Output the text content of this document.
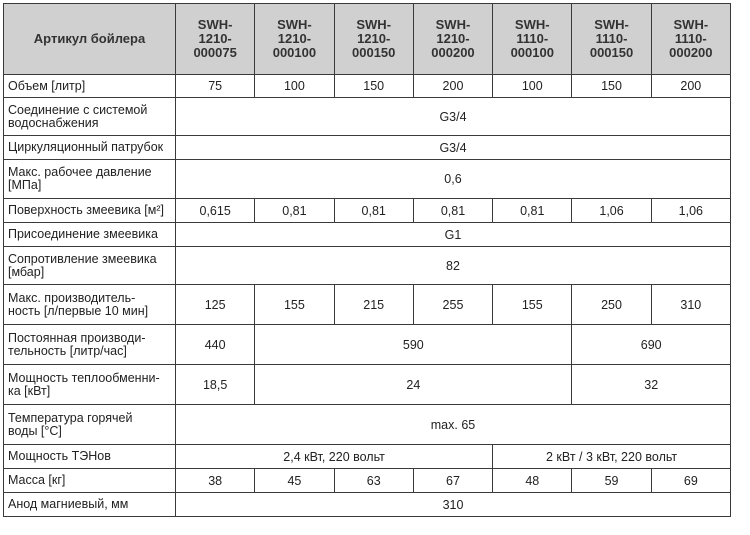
Артикул бойлера	SWH-
1210-
000075	SWH-
1210-
000100	SWH-
1210-
000150	SWH-
1210-
000200	SWH-
1110-
000100	SWH-
1110-
000150	SWH-
1110-
000200
Объем [литр]	75	100	150	200	100	150	200
Соединение с системой
водоснабжения	G3/4						
Циркуляционный патрубок	G3/4						
Макс. рабочее давление
[МПа]	0,6						
Поверхность змеевика [м²]	0,615	0,81	0,81	0,81	0,81	1,06	1,06
Присоединение змеевика	G1						
Сопротивление змеевика
[мбар]	82						
Макс. производитель-
ность [л/первые 10 мин]	125	155	215	255	155	250	310
Постоянная производи-
тельность [литр/час]	440	590				690	
Мощность теплообменни-
ка [кВт]	18,5	24				32	
Температура горячей
воды [°C]	max. 65						
Мощность ТЭНов	2,4 кВт, 220 вольт				2 кВт / 3 кВт, 220 вольт		
Масса [кг]	38	45	63	67	48	59	69
Анод магниевый, мм	310						
